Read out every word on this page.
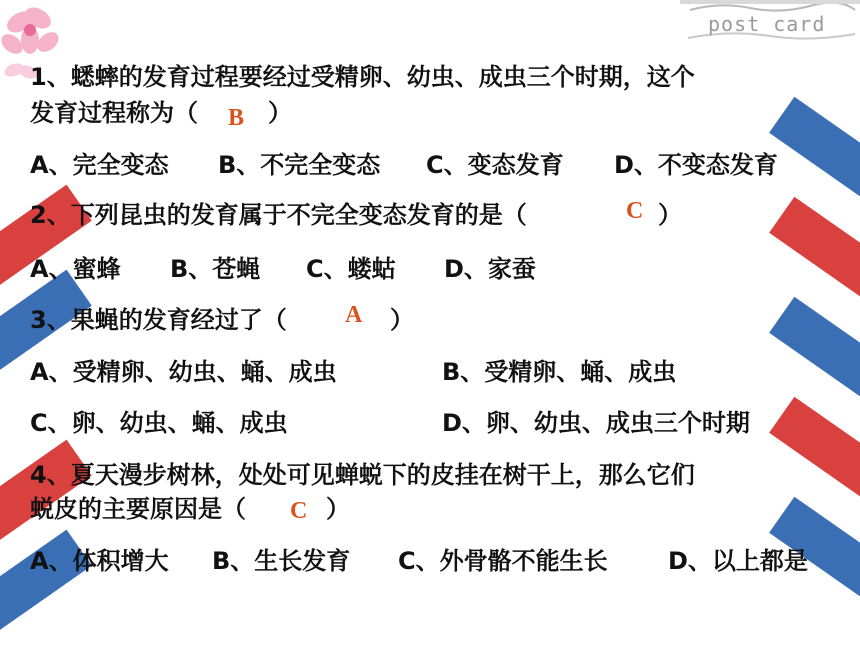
post card
1、蟋蟀的发育过程要经过受精卵、幼虫、成虫三个时期，这个
发育过程称为（	）
B
A、完全变态 B、不完全变态 C、变态发育 D、不变态发育
2、下列昆虫的发育属于不完全变态发育的是（	）
C
A、蜜蜂 B、苍蝇 C、蝼蛄 D、家蚕
3、果蝇的发育经过了（	）
A
A、受精卵、幼虫、蛹、成虫	B、受精卵、蛹、成虫
C、卵、幼虫、蛹、成虫	D、卵、幼虫、成虫三个时期
4、夏天漫步树林，处处可见蝉蜕下的皮挂在树干上，那么它们
蜕皮的主要原因是（	）
C
A、体积增大 B、生长发育 C、外骨骼不能生长	D、以上都是
